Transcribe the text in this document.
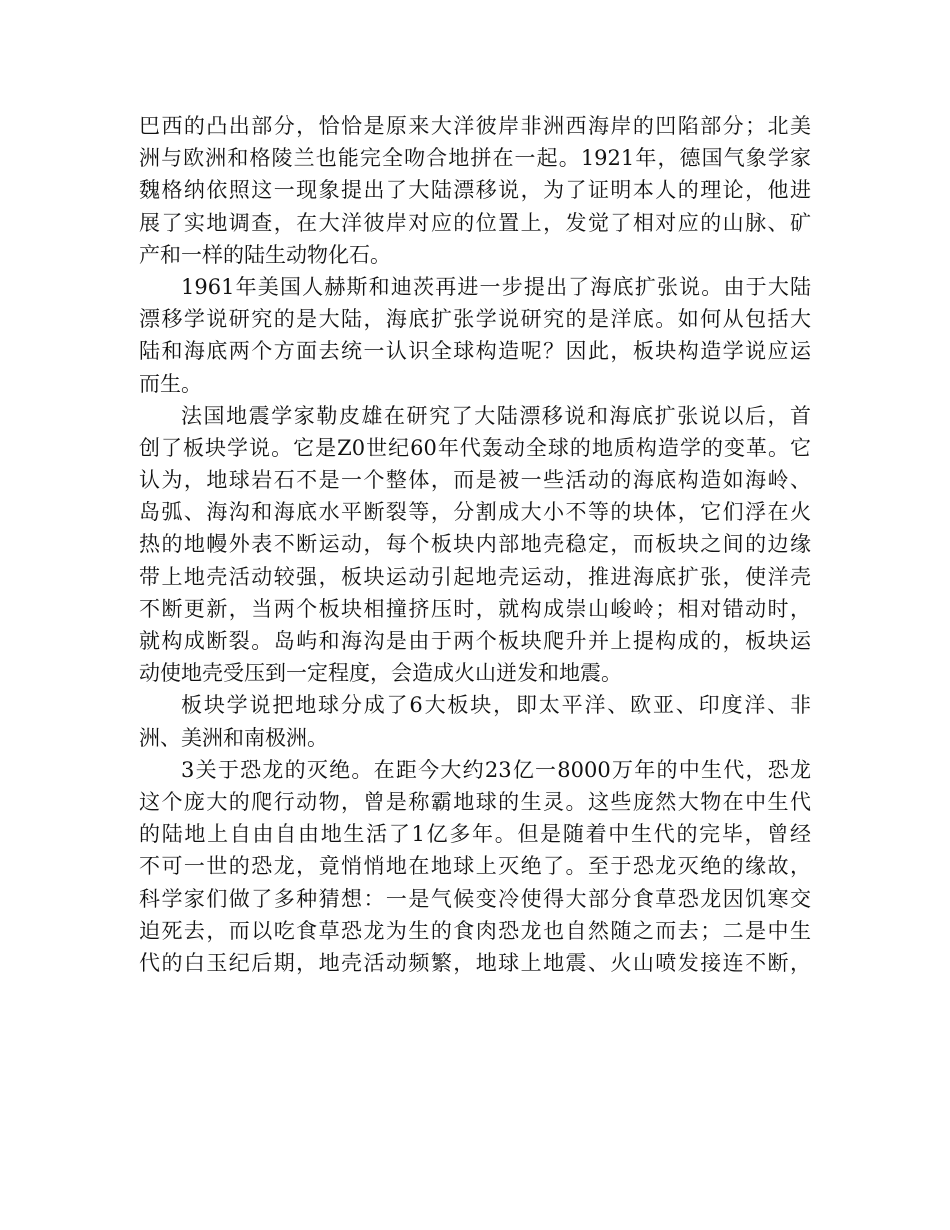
巴西的凸出部分，恰恰是原来大洋彼岸非洲西海岸的凹陷部分；北美
洲与欧洲和格陵兰也能完全吻合地拼在一起。1921年，德国气象学家
魏格纳依照这一现象提出了大陆漂移说，为了证明本人的理论，他进
展了实地调查，在大洋彼岸对应的位置上，发觉了相对应的山脉、矿
产和一样的陆生动物化石。

1961年美国人赫斯和迪茨再进一步提出了海底扩张说。由于大陆
漂移学说研究的是大陆，海底扩张学说研究的是洋底。如何从包括大
陆和海底两个方面去统一认识全球构造呢？因此，板块构造学说应运
而生。

法国地震学家勒皮雄在研究了大陆漂移说和海底扩张说以后，首
创了板块学说。它是Z0世纪60年代轰动全球的地质构造学的变革。它
认为，地球岩石不是一个整体，而是被一些活动的海底构造如海岭、
岛弧、海沟和海底水平断裂等，分割成大小不等的块体，它们浮在火
热的地幔外表不断运动，每个板块内部地壳稳定，而板块之间的边缘
带上地壳活动较强，板块运动引起地壳运动，推进海底扩张，使洋壳
不断更新，当两个板块相撞挤压时，就构成崇山峻岭；相对错动时，
就构成断裂。岛屿和海沟是由于两个板块爬升并上提构成的，板块运
动使地壳受压到一定程度，会造成火山迸发和地震。

板块学说把地球分成了6大板块，即太平洋、欧亚、印度洋、非
洲、美洲和南极洲。

3关于恐龙的灭绝。在距今大约23亿一8000万年的中生代，恐龙
这个庞大的爬行动物，曾是称霸地球的生灵。这些庞然大物在中生代
的陆地上自由自由地生活了1亿多年。但是随着中生代的完毕，曾经
不可一世的恐龙，竟悄悄地在地球上灭绝了。至于恐龙灭绝的缘故，
科学家们做了多种猜想：一是气候变冷使得大部分食草恐龙因饥寒交
迫死去，而以吃食草恐龙为生的食肉恐龙也自然随之而去；二是中生
代的白玉纪后期，地壳活动频繁，地球上地震、火山喷发接连不断，
